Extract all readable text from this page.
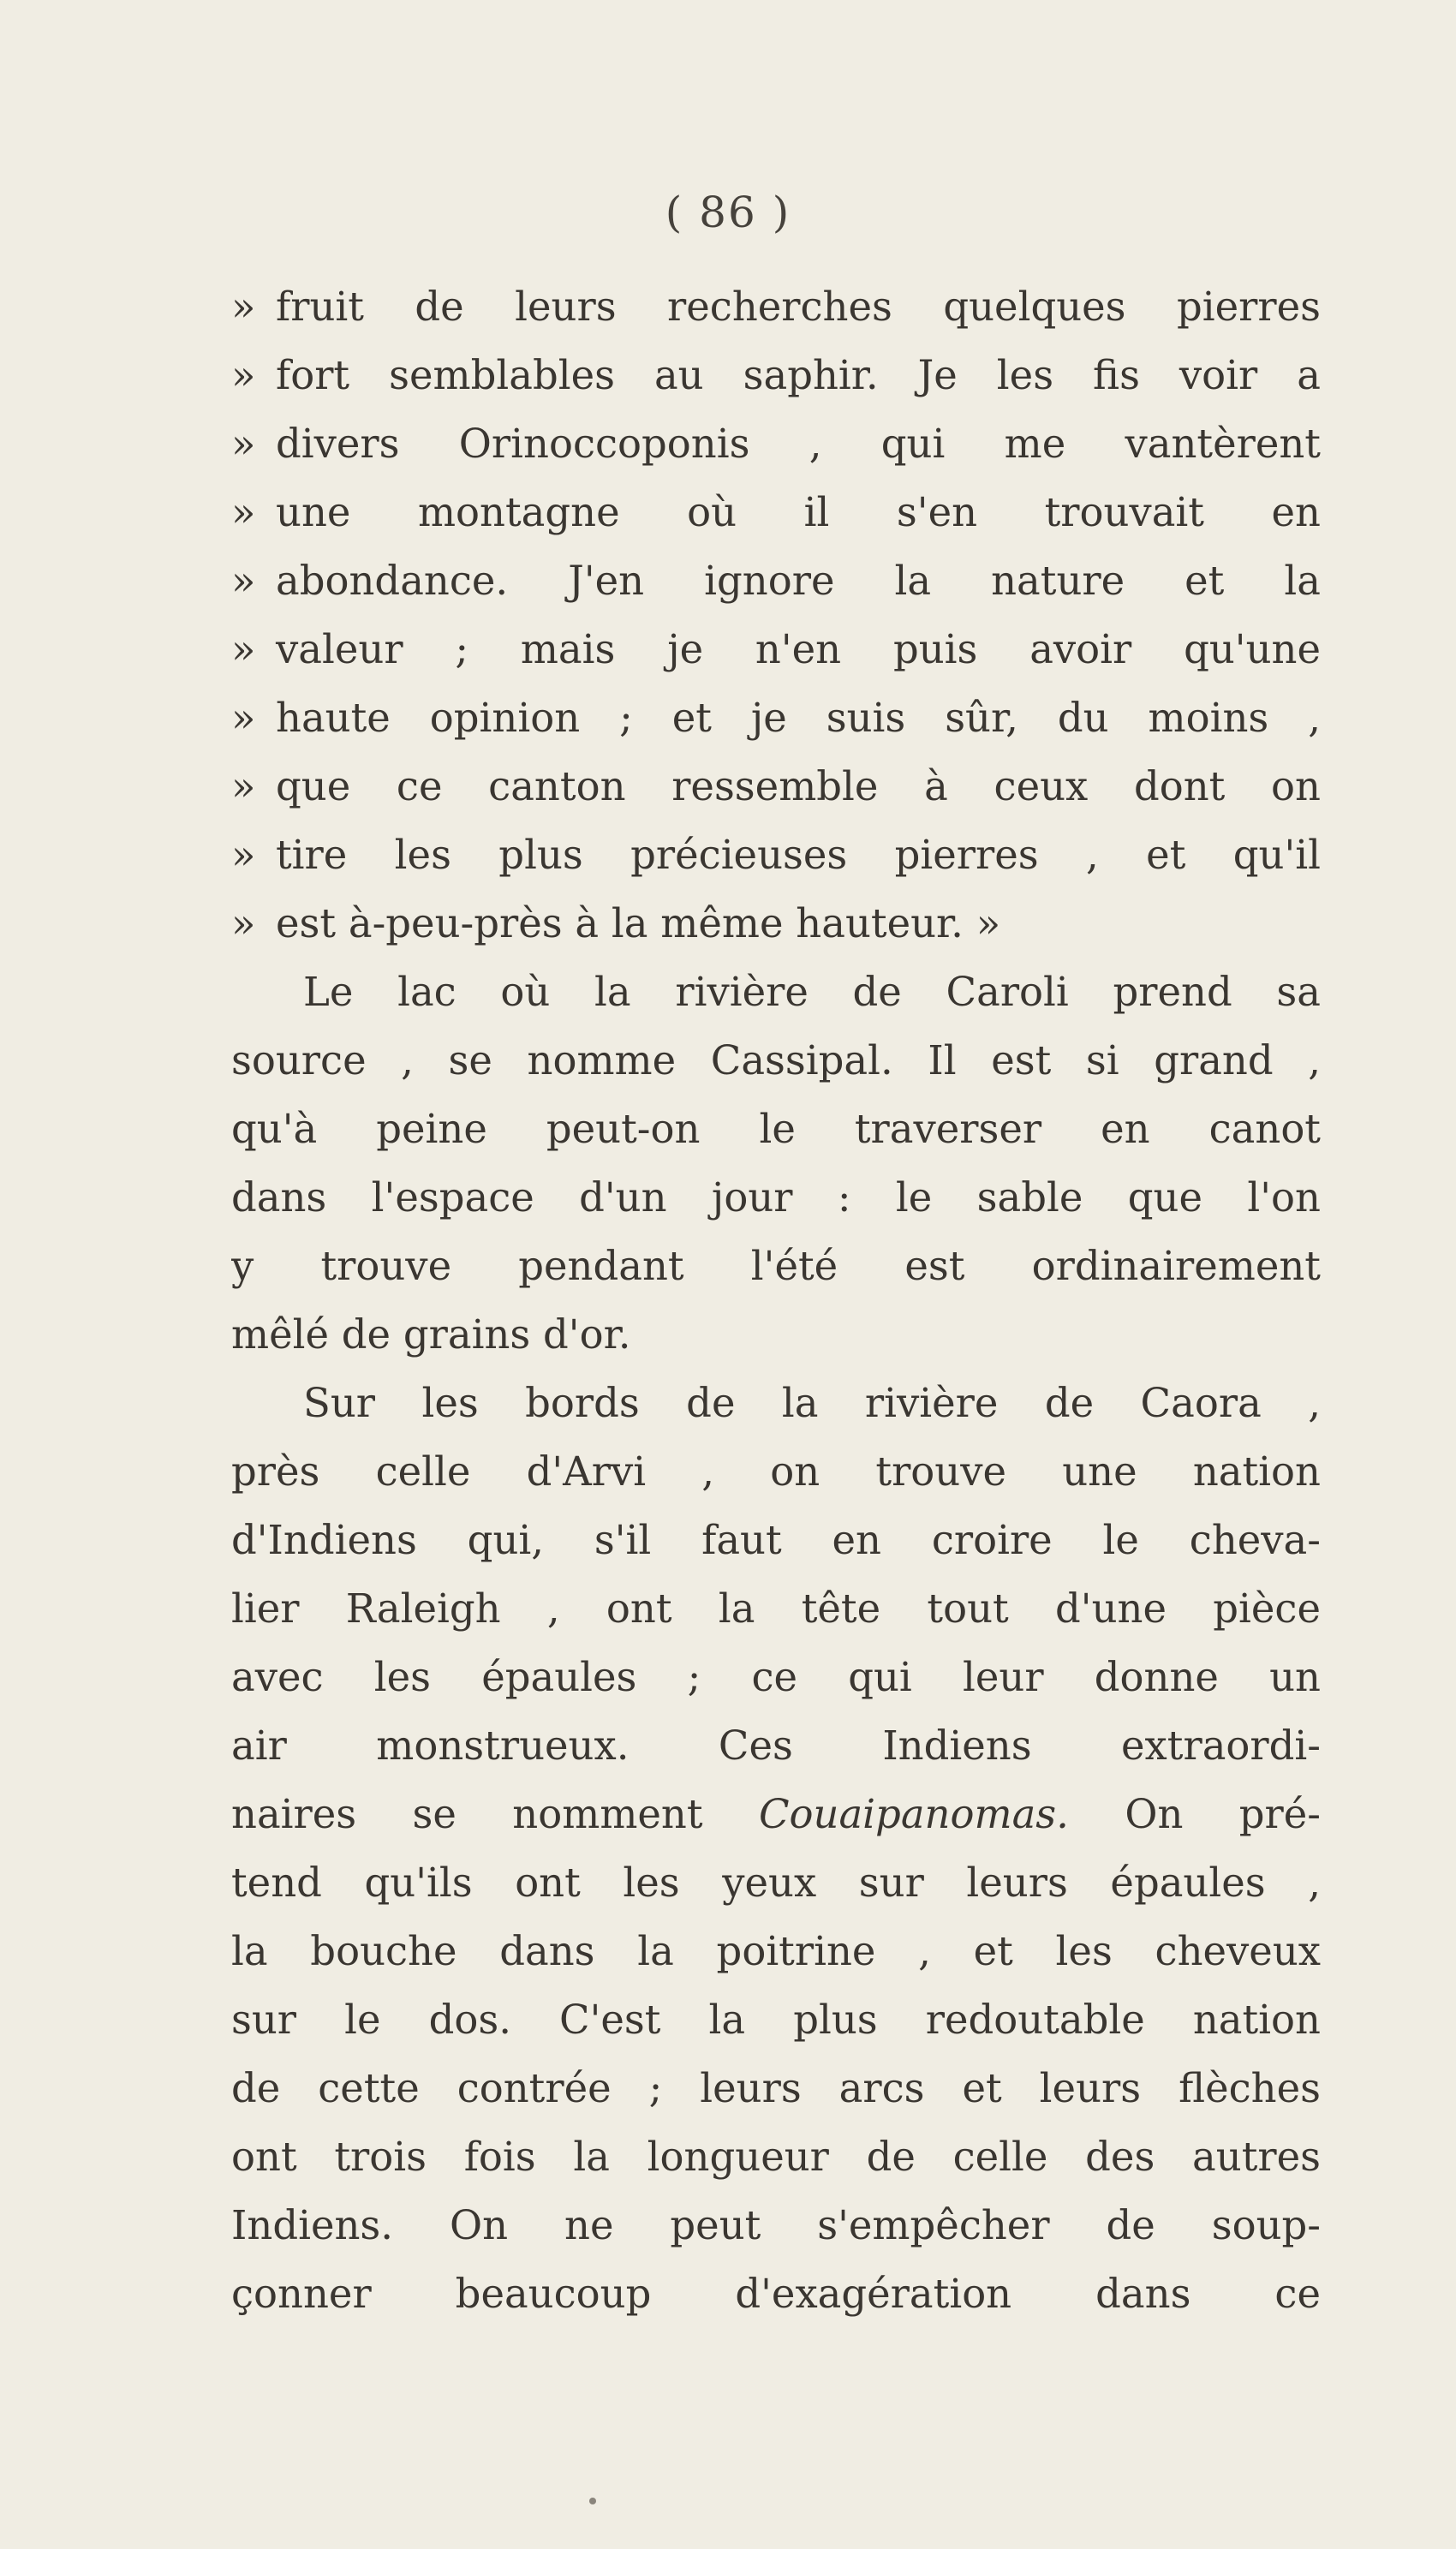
( 86 )
» fruit de leurs recherches quelques pierres
» fort semblables au saphir. Je les fis voir a
» divers Orinoccoponis , qui me vantèrent
» une montagne où il s'en trouvait en
» abondance. J'en ignore la nature et la
» valeur ; mais je n'en puis avoir qu'une
» haute opinion ; et je suis sûr, du moins ,
» que ce canton ressemble à ceux dont on
» tire les plus précieuses pierres , et qu'il
» est à-peu-près à la même hauteur. »
Le lac où la rivière de Caroli prend sa
source , se nomme Cassipal. Il est si grand ,
qu'à peine peut-on le traverser en canot
dans l'espace d'un jour : le sable que l'on
y trouve pendant l'été est ordinairement
mêlé de grains d'or.
Sur les bords de la rivière de Caora ,
près celle d'Arvi , on trouve une nation
d'Indiens qui, s'il faut en croire le cheva-
lier Raleigh , ont la tête tout d'une pièce
avec les épaules ; ce qui leur donne un
air monstrueux. Ces Indiens extraordi-
naires se nomment Couaipanomas. On pré-
tend qu'ils ont les yeux sur leurs épaules ,
la bouche dans la poitrine , et les cheveux
sur le dos. C'est la plus redoutable nation
de cette contrée ; leurs arcs et leurs flèches
ont trois fois la longueur de celle des autres
Indiens. On ne peut s'empêcher de soup-
çonner beaucoup d'exagération dans ce
